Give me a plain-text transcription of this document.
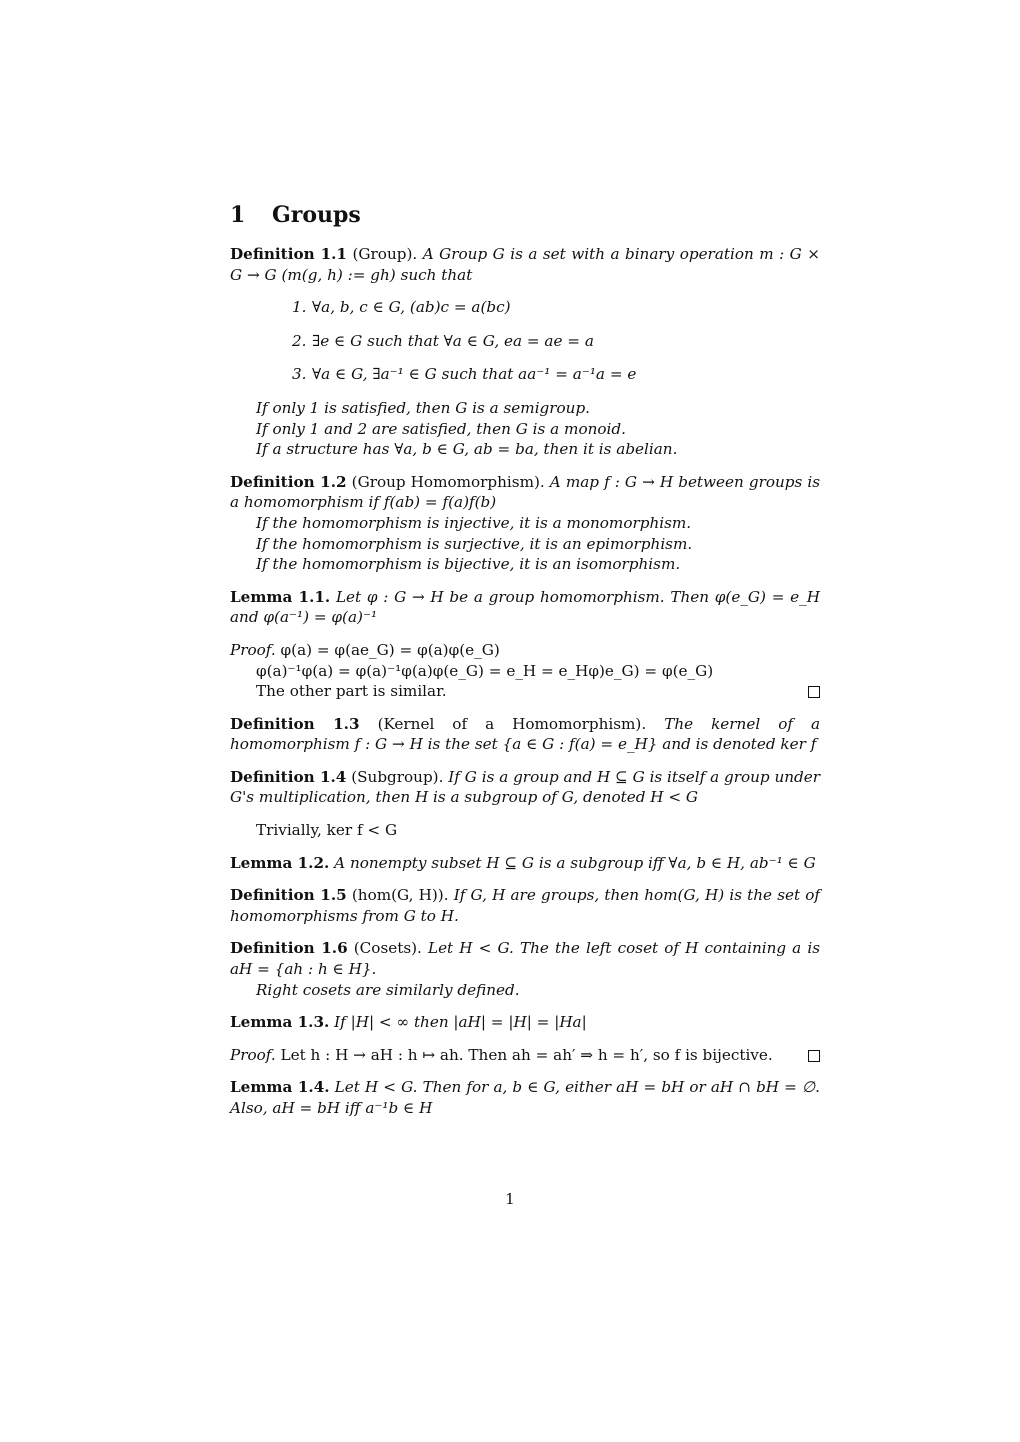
1 Groups
Definition 1.1 (Group). A Group G is a set with a binary operation m : G × G → G (m(g, h) := gh) such that
1. ∀a, b, c ∈ G, (ab)c = a(bc)
2. ∃e ∈ G such that ∀a ∈ G, ea = ae = a
3. ∀a ∈ G, ∃a⁻¹ ∈ G such that aa⁻¹ = a⁻¹a = e

If only 1 is satisfied, then G is a semigroup.

If only 1 and 2 are satisfied, then G is a monoid.

If a structure has ∀a, b ∈ G, ab = ba, then it is abelian.

Definition 1.2 (Group Homomorphism). A map f : G → H between groups is a homomorphism if f(ab) = f(a)f(b)

If the homomorphism is injective, it is a monomorphism.

If the homomorphism is surjective, it is an epimorphism.

If the homomorphism is bijective, it is an isomorphism.

Lemma 1.1. Let φ : G → H be a group homomorphism. Then φ(e_G) = e_H and φ(a⁻¹) = φ(a)⁻¹
Proof. φ(a) = φ(ae_G) = φ(a)φ(e_G)

φ(a)⁻¹φ(a) = φ(a)⁻¹φ(a)φ(e_G) = e_H = e_Hφ)e_G) = φ(e_G)

The other part is similar.

Definition 1.3 (Kernel of a Homomorphism). The kernel of a homomorphism f : G → H is the set {a ∈ G : f(a) = e_H} and is denoted ker f
Definition 1.4 (Subgroup). If G is a group and H ⊆ G is itself a group under G's multiplication, then H is a subgroup of G, denoted H < G

Trivially, ker f < G

Lemma 1.2. A nonempty subset H ⊆ G is a subgroup iff ∀a, b ∈ H, ab⁻¹ ∈ G
Definition 1.5 (hom(G, H)). If G, H are groups, then hom(G, H) is the set of homomorphisms from G to H.
Definition 1.6 (Cosets). Let H < G. The the left coset of H containing a is aH = {ah : h ∈ H}.

Right cosets are similarly defined.

Lemma 1.3. If |H| < ∞ then |aH| = |H| = |Ha|
Proof. Let h : H → aH : h ↦ ah. Then ah = ah′ ⇒ h = h′, so f is bijective.
Lemma 1.4. Let H < G. Then for a, b ∈ G, either aH = bH or aH ∩ bH = ∅. Also, aH = bH iff a⁻¹b ∈ H
1
